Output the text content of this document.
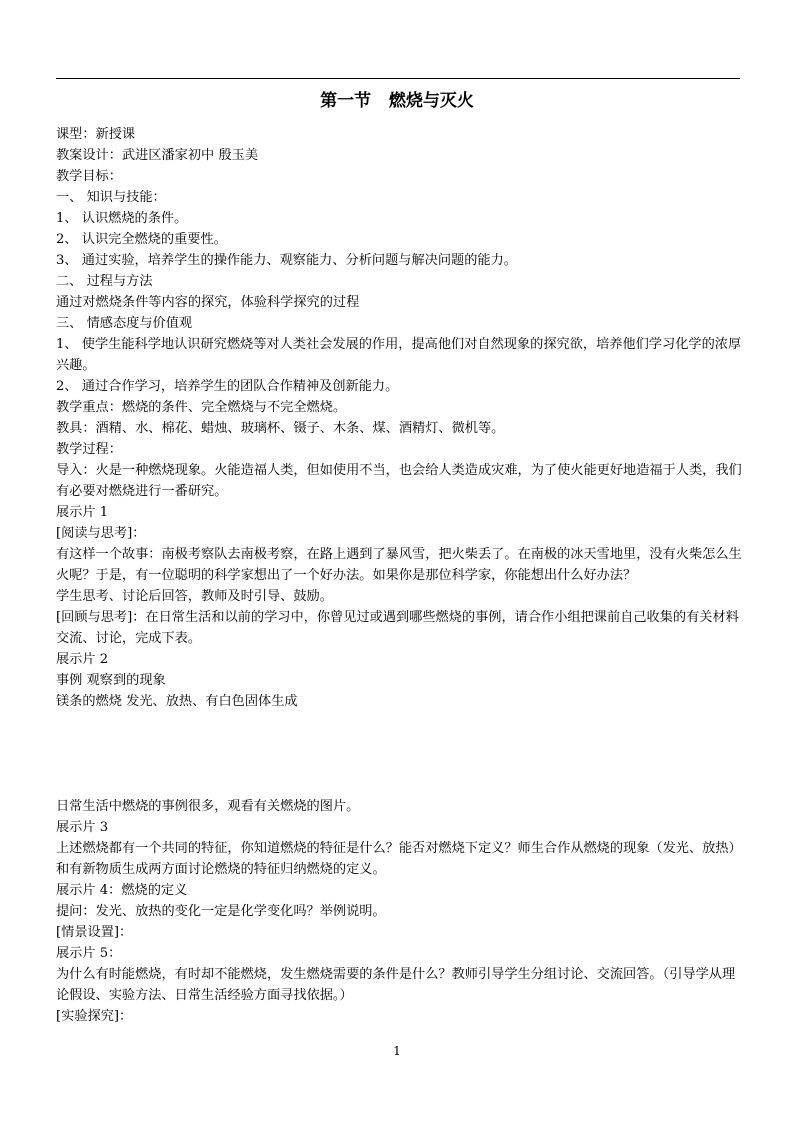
第一节   燃烧与灭火

课型：新授课

教案设计：武进区潘家初中 殷玉美

教学目标：

一、 知识与技能：

1、 认识燃烧的条件。

2、 认识完全燃烧的重要性。

3、 通过实验，培养学生的操作能力、观察能力、分析问题与解决问题的能力。

二、 过程与方法

通过对燃烧条件等内容的探究，体验科学探究的过程

三、 情感态度与价值观

1、 使学生能科学地认识研究燃烧等对人类社会发展的作用，提高他们对自然现象的探究欲，培养他们学习化学的浓厚兴趣。

2、 通过合作学习，培养学生的团队合作精神及创新能力。

教学重点：燃烧的条件、完全燃烧与不完全燃烧。

教具：酒精、水、棉花、蜡烛、玻璃杯、镊子、木条、煤、酒精灯、微机等。

教学过程：

导入：火是一种燃烧现象。火能造福人类，但如使用不当，也会给人类造成灾难，为了使火能更好地造福于人类，我们有必要对燃烧进行一番研究。

展示片 1

[阅读与思考]：

有这样一个故事：南极考察队去南极考察，在路上遇到了暴风雪，把火柴丢了。在南极的冰天雪地里，没有火柴怎么生火呢？于是，有一位聪明的科学家想出了一个好办法。如果你是那位科学家，你能想出什么好办法？

学生思考、讨论后回答，教师及时引导、鼓励。

[回顾与思考]：在日常生活和以前的学习中，你曾见过或遇到哪些燃烧的事例，请合作小组把课前自己收集的有关材料交流、讨论，完成下表。

展示片 2

事例 观察到的现象

镁条的燃烧 发光、放热、有白色固体生成

日常生活中燃烧的事例很多，观看有关燃烧的图片。

展示片 3

上述燃烧都有一个共同的特征，你知道燃烧的特征是什么？能否对燃烧下定义？师生合作从燃烧的现象（发光、放热）和有新物质生成两方面讨论燃烧的特征归纳燃烧的定义。

展示片 4：燃烧的定义

提问：发光、放热的变化一定是化学变化吗？举例说明。

[情景设置]：

展示片 5：

为什么有时能燃烧，有时却不能燃烧，发生燃烧需要的条件是什么？教师引导学生分组讨论、交流回答。（引导学从理论假设、实验方法、日常生活经验方面寻找依据。）

[实验探究]：

1
